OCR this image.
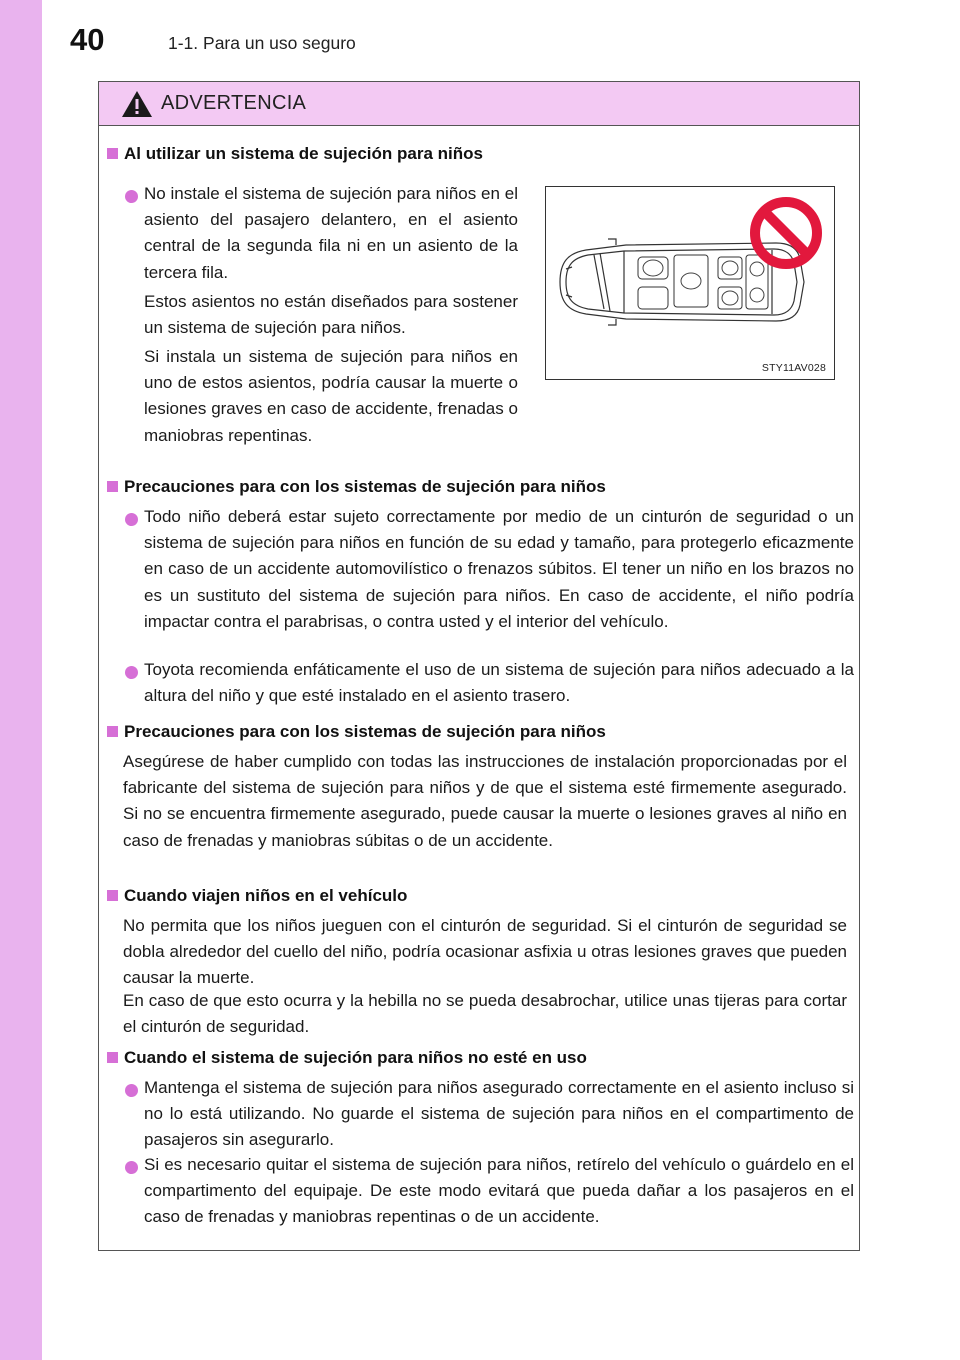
40	1-1. Para un uso seguro
ADVERTENCIA
Al utilizar un sistema de sujeción para niños
No instale el sistema de sujeción para niños en el asiento del pasajero delantero, en el asiento central de la segunda fila ni en un asiento de la tercera fila.
Estos asientos no están diseñados para sostener un sistema de sujeción para niños.
Si instala un sistema de sujeción para niños en uno de estos asientos, podría causar la muerte o lesiones graves en caso de accidente, frenadas o maniobras repentinas.
STY11AV028
Precauciones para con los sistemas de sujeción para niños
Todo niño deberá estar sujeto correctamente por medio de un cinturón de seguridad o un sistema de sujeción para niños en función de su edad y tamaño, para protegerlo eficazmente en caso de un accidente automovilístico o frenazos súbitos. El tener un niño en los brazos no es un sustituto del sistema de sujeción para niños. En caso de accidente, el niño podría impactar contra el parabrisas, o contra usted y el interior del vehículo.
Toyota recomienda enfáticamente el uso de un sistema de sujeción para niños adecuado a la altura del niño y que esté instalado en el asiento trasero.
Precauciones para con los sistemas de sujeción para niños
Asegúrese de haber cumplido con todas las instrucciones de instalación proporcionadas por el fabricante del sistema de sujeción para niños y de que el sistema esté firmemente asegurado. Si no se encuentra firmemente asegurado, puede causar la muerte o lesiones graves al niño en caso de frenadas y maniobras súbitas o de un accidente.
Cuando viajen niños en el vehículo
No permita que los niños jueguen con el cinturón de seguridad. Si el cinturón de seguridad se dobla alrededor del cuello del niño, podría ocasionar asfixia u otras lesiones graves que pueden causar la muerte.
En caso de que esto ocurra y la hebilla no se pueda desabrochar, utilice unas tijeras para cortar el cinturón de seguridad.
Cuando el sistema de sujeción para niños no esté en uso
Mantenga el sistema de sujeción para niños asegurado correctamente en el asiento incluso si no lo está utilizando. No guarde el sistema de sujeción para niños en el compartimento de pasajeros sin asegurarlo.
Si es necesario quitar el sistema de sujeción para niños, retírelo del vehículo o guárdelo en el compartimento del equipaje. De este modo evitará que pueda dañar a los pasajeros en el caso de frenadas y maniobras repentinas o de un accidente.
